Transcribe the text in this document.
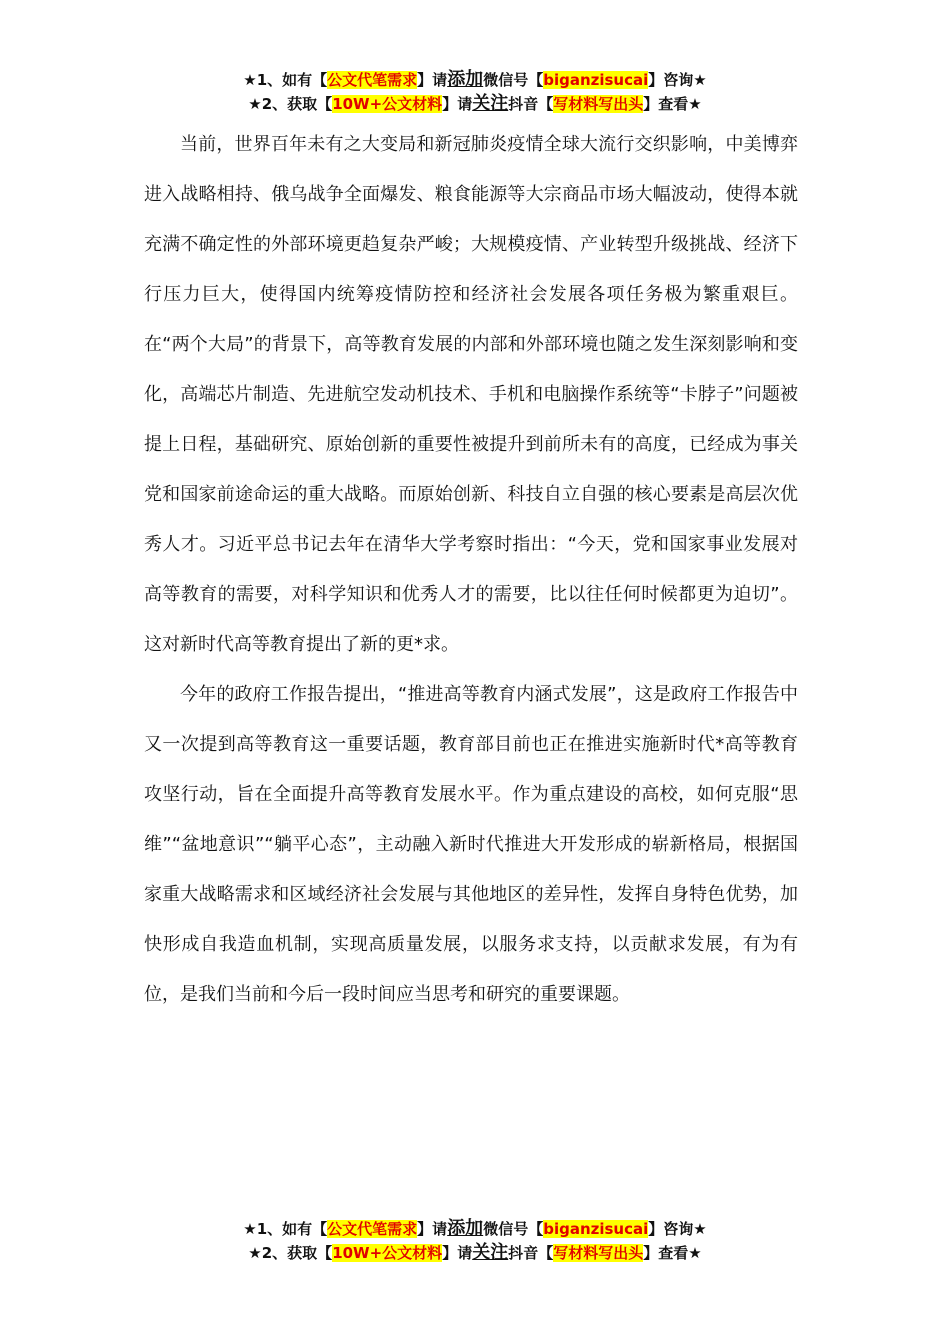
★1、如有【公文代笔需求】请添加微信号【biganzisucai】咨询★
★2、获取【10W+公文材料】请关注抖音【写材料写出头】查看★

当前，世界百年未有之大变局和新冠肺炎疫情全球大流行交织影响，中美博弈进入战略相持、俄乌战争全面爆发、粮食能源等大宗商品市场大幅波动，使得本就充满不确定性的外部环境更趋复杂严峻；大规模疫情、产业转型升级挑战、经济下行压力巨大，使得国内统筹疫情防控和经济社会发展各项任务极为繁重艰巨。在“两个大局”的背景下，高等教育发展的内部和外部环境也随之发生深刻影响和变化，高端芯片制造、先进航空发动机技术、手机和电脑操作系统等“卡脖子”问题被提上日程，基础研究、原始创新的重要性被提升到前所未有的高度，已经成为事关党和国家前途命运的重大战略。而原始创新、科技自立自强的核心要素是高层次优秀人才。习近平总书记去年在清华大学考察时指出：“今天，党和国家事业发展对高等教育的需要，对科学知识和优秀人才的需要，比以往任何时候都更为迫切”。这对新时代高等教育提出了新的更*求。

今年的政府工作报告提出，“推进高等教育内涵式发展”，这是政府工作报告中又一次提到高等教育这一重要话题，教育部目前也正在推进实施新时代*高等教育攻坚行动，旨在全面提升高等教育发展水平。作为重点建设的高校，如何克服“思维”“盆地意识”“躺平心态”，主动融入新时代推进大开发形成的崭新格局，根据国家重大战略需求和区域经济社会发展与其他地区的差异性，发挥自身特色优势，加快形成自我造血机制，实现高质量发展，以服务求支持，以贡献求发展，有为有位，是我们当前和今后一段时间应当思考和研究的重要课题。

★1、如有【公文代笔需求】请添加微信号【biganzisucai】咨询★
★2、获取【10W+公文材料】请关注抖音【写材料写出头】查看★
